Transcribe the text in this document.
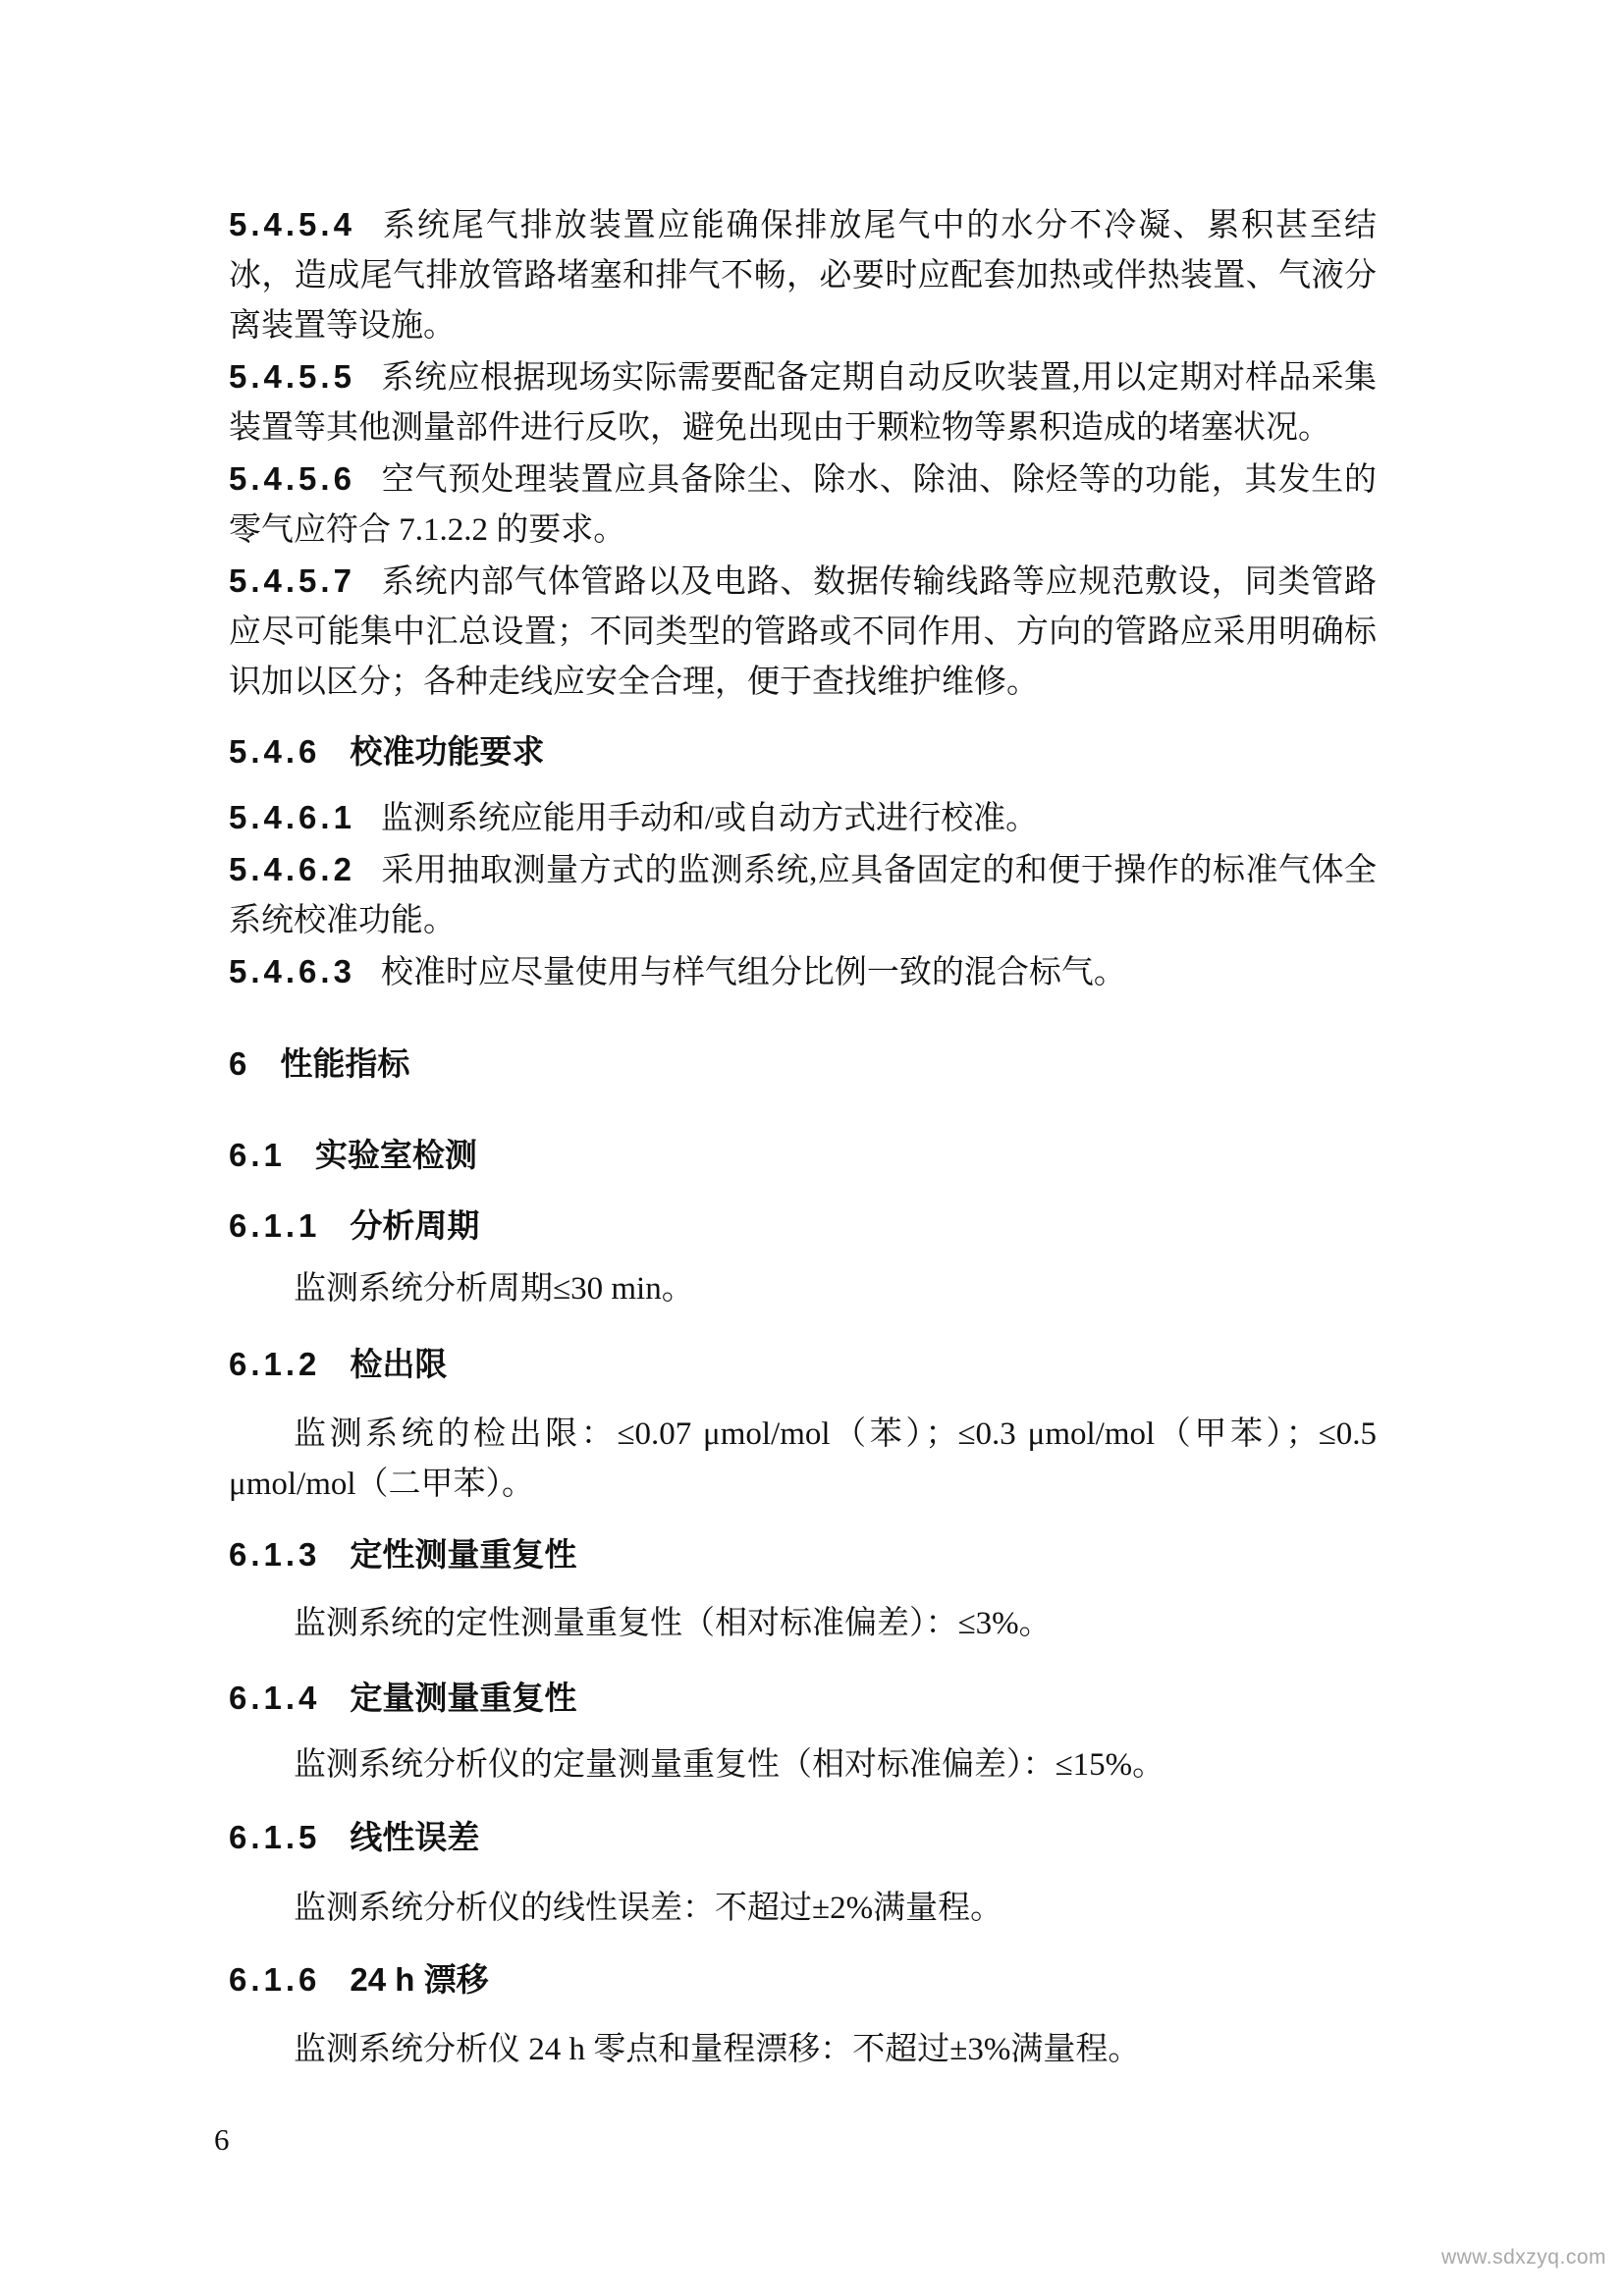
5.4.5.4 系统尾气排放装置应能确保排放尾气中的水分不冷凝、累积甚至结冰，造成尾气排放管路堵塞和排气不畅，必要时应配套加热或伴热装置、气液分离装置等设施。

5.4.5.5 系统应根据现场实际需要配备定期自动反吹装置,用以定期对样品采集装置等其他测量部件进行反吹，避免出现由于颗粒物等累积造成的堵塞状况。

5.4.5.6 空气预处理装置应具备除尘、除水、除油、除烃等的功能，其发生的零气应符合 7.1.2.2 的要求。

5.4.5.7 系统内部气体管路以及电路、数据传输线路等应规范敷设，同类管路应尽可能集中汇总设置；不同类型的管路或不同作用、方向的管路应采用明确标识加以区分；各种走线应安全合理，便于查找维护维修。

5.4.6 校准功能要求

5.4.6.1 监测系统应能用手动和/或自动方式进行校准。

5.4.6.2 采用抽取测量方式的监测系统,应具备固定的和便于操作的标准气体全系统校准功能。

5.4.6.3 校准时应尽量使用与样气组分比例一致的混合标气。

6 性能指标
6.1 实验室检测
6.1.1 分析周期

监测系统分析周期≤30 min。

6.1.2 检出限

监测系统的检出限：≤0.07 μmol/mol（苯）；≤0.3 μmol/mol（甲苯）；≤0.5 μmol/mol（二甲苯）。

6.1.3 定性测量重复性

监测系统的定性测量重复性（相对标准偏差）：≤3%。

6.1.4 定量测量重复性

监测系统分析仪的定量测量重复性（相对标准偏差）：≤15%。

6.1.5 线性误差

监测系统分析仪的线性误差：不超过±2%满量程。

6.1.6 24 h 漂移

监测系统分析仪 24 h 零点和量程漂移：不超过±3%满量程。

6
www.sdxzyq.com
